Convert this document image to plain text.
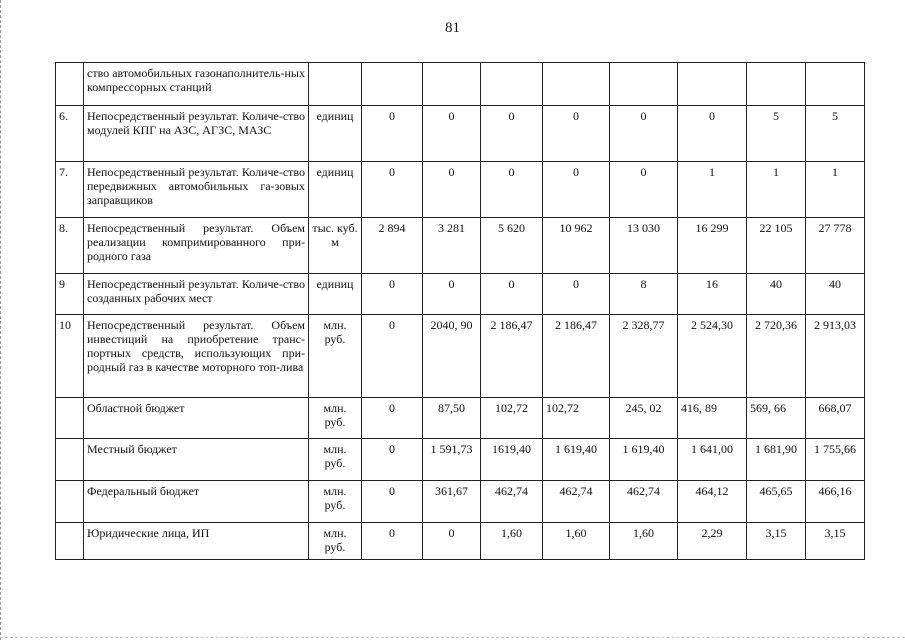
81
	ство автомобильных газонаполнитель-ных компрессорных станций									
6.	Непосредственный результат. Количе-ство модулей КПГ на АЗС, АГЗС, МАЗС	единиц	0	0	0	0	0	0	5	5
7.	Непосредственный результат. Количе-ство передвижных автомобильных га-зовых заправщиков	единиц	0	0	0	0	0	1	1	1
8.	Непосредственный результат. Объем реализации компримированного при-родного газа	тыс. куб. м	2 894	3 281	5 620	10 962	13 030	16 299	22 105	27 778
9	Непосредственный результат. Количе-ство созданных рабочих мест	единиц	0	0	0	0	8	16	40	40
10	Непосредственный результат. Объем инвестиций на приобретение транс-портных средств, использующих при-родный газ в качестве моторного топ-лива	млн. руб.	0	2040, 90	2 186,47	2 186,47	2 328,77	2 524,30	2 720,36	2 913,03
	Областной бюджет	млн. руб.	0	87,50	102,72	102,72	245, 02	416, 89	569, 66	668,07
	Местный бюджет	млн. руб.	0	1 591,73	1619,40	1 619,40	1 619,40	1 641,00	1 681,90	1 755,66
	Федеральный бюджет	млн. руб.	0	361,67	462,74	462,74	462,74	464,12	465,65	466,16
	Юридические лица, ИП	млн. руб.	0	0	1,60	1,60	1,60	2,29	3,15	3,15
